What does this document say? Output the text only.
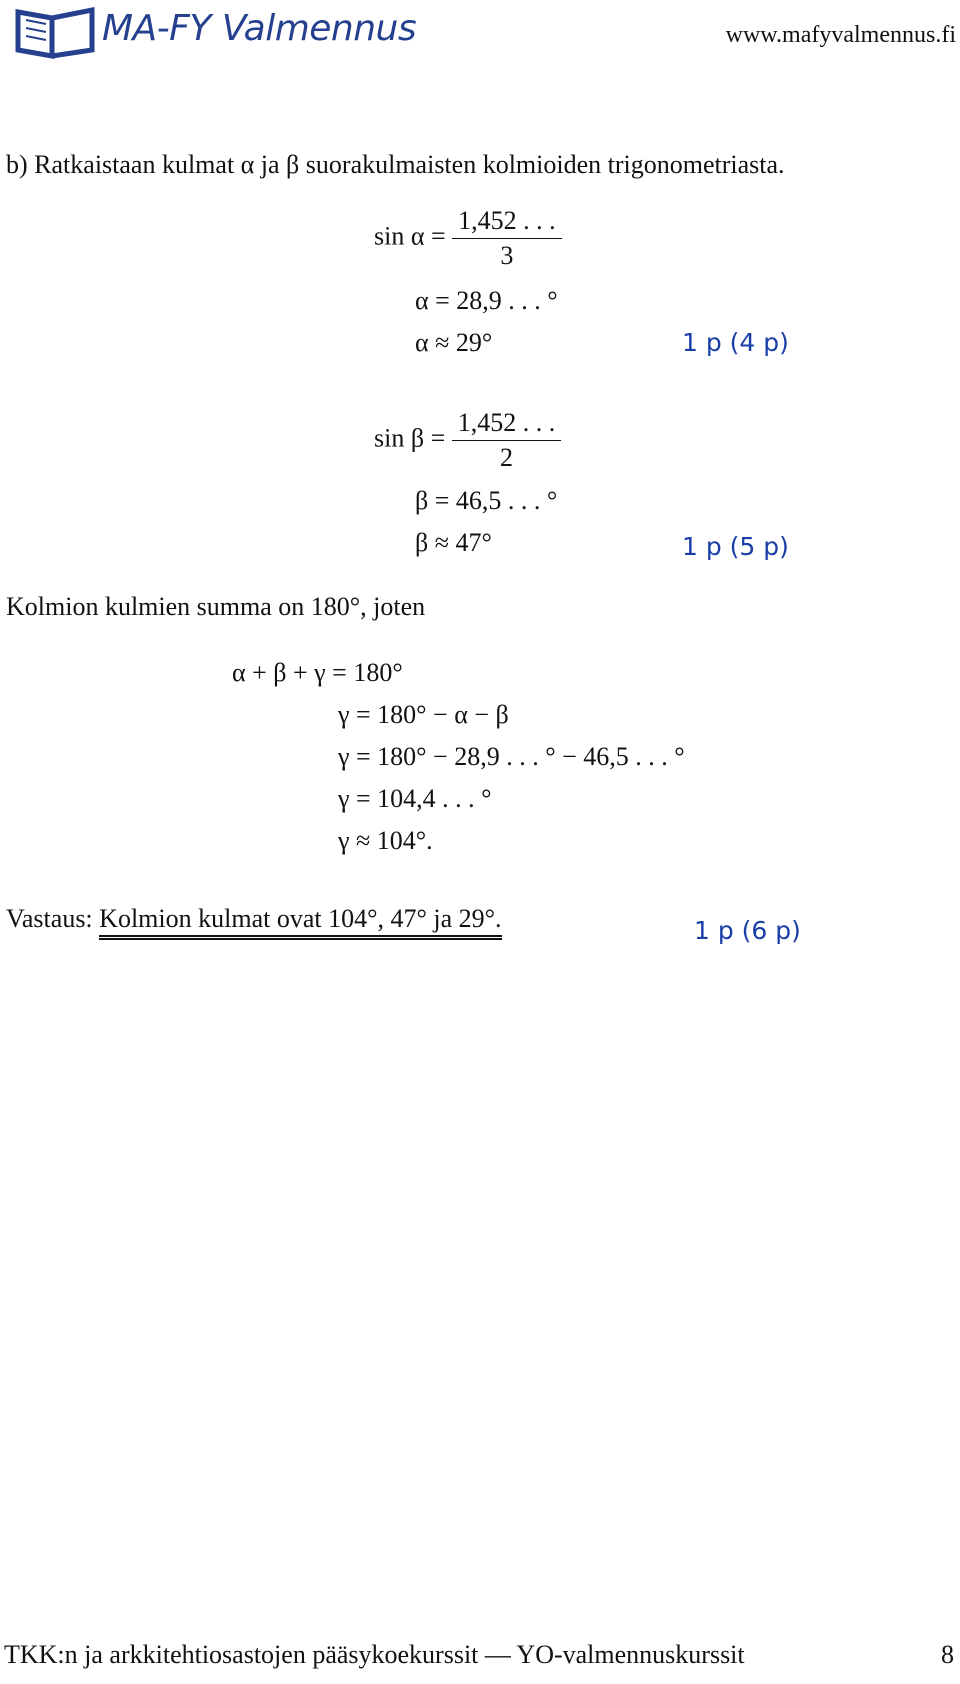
MA-FY Valmennus	www.mafyvalmennus.fi
b) Ratkaistaan kulmat α ja β suorakulmaisten kolmioiden trigonometriasta.
$\sin \alpha = \frac{1,452 . . .}{3}$
α = 28,9 . . . °
α ≈ 29°	1 p (4 p)
$\sin \beta = \frac{1,452 . . .}{2}$
β = 46,5 . . . °
β ≈ 47°	1 p (5 p)
Kolmion kulmien summa on 180°, joten
α + β + γ = 180°
γ = 180° − α − β
γ = 180° − 28,9 . . . ° − 46,5 . . . °
γ = 104,4 . . . °
γ ≈ 104°.
Vastaus: Kolmion kulmat ovat 104°, 47° ja 29°.	1 p (6 p)
TKK:n ja arkkitehtiosastojen pääsykoekurssit — YO-valmennuskurssit	8
